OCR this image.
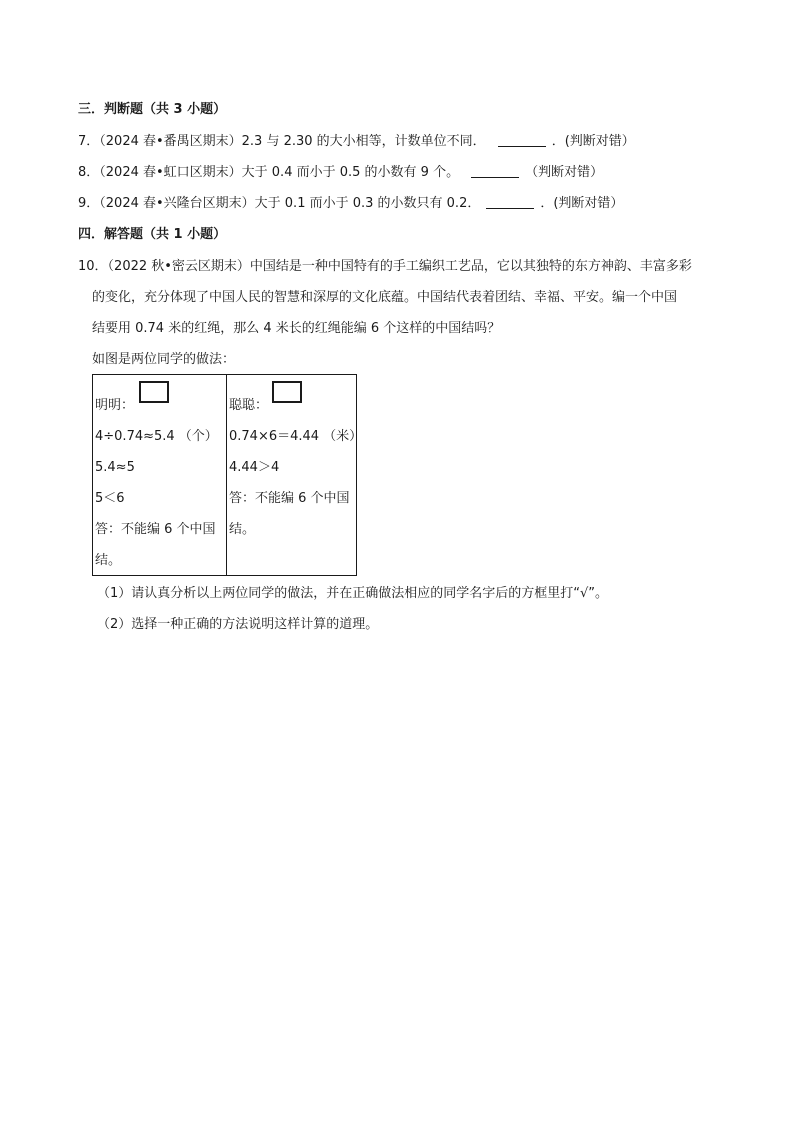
三．判断题（共 3 小题）
7．（2024 春•番禺区期末）2.3 与 2.30 的大小相等，计数单位不同．	．(判断对错）
8．（2024 春•虹口区期末）大于 0.4 而小于 0.5 的小数有 9 个。	（判断对错）
9．（2024 春•兴隆台区期末）大于 0.1 而小于 0.3 的小数只有 0.2．	．(判断对错）
四．解答题（共 1 小题）
10．（2022 秋•密云区期末）中国结是一种中国特有的手工编织工艺品，它以其独特的东方神韵、丰富多彩
的变化，充分体现了中国人民的智慧和深厚的文化底蕴。中国结代表着团结、幸福、平安。编一个中国
结要用 0.74 米的红绳，那么 4 米长的红绳能编 6 个这样的中国结吗？
如图是两位同学的做法：
明明：
4÷0.74≈5.4 （个）
5.4≈5
5＜6
答：不能编 6 个中国
结。
聪聪：
0.74×6＝4.44 （米）
4.44＞4
答：不能编 6 个中国
结。
（1）请认真分析以上两位同学的做法，并在正确做法相应的同学名字后的方框里打“√”。
（2）选择一种正确的方法说明这样计算的道理。
